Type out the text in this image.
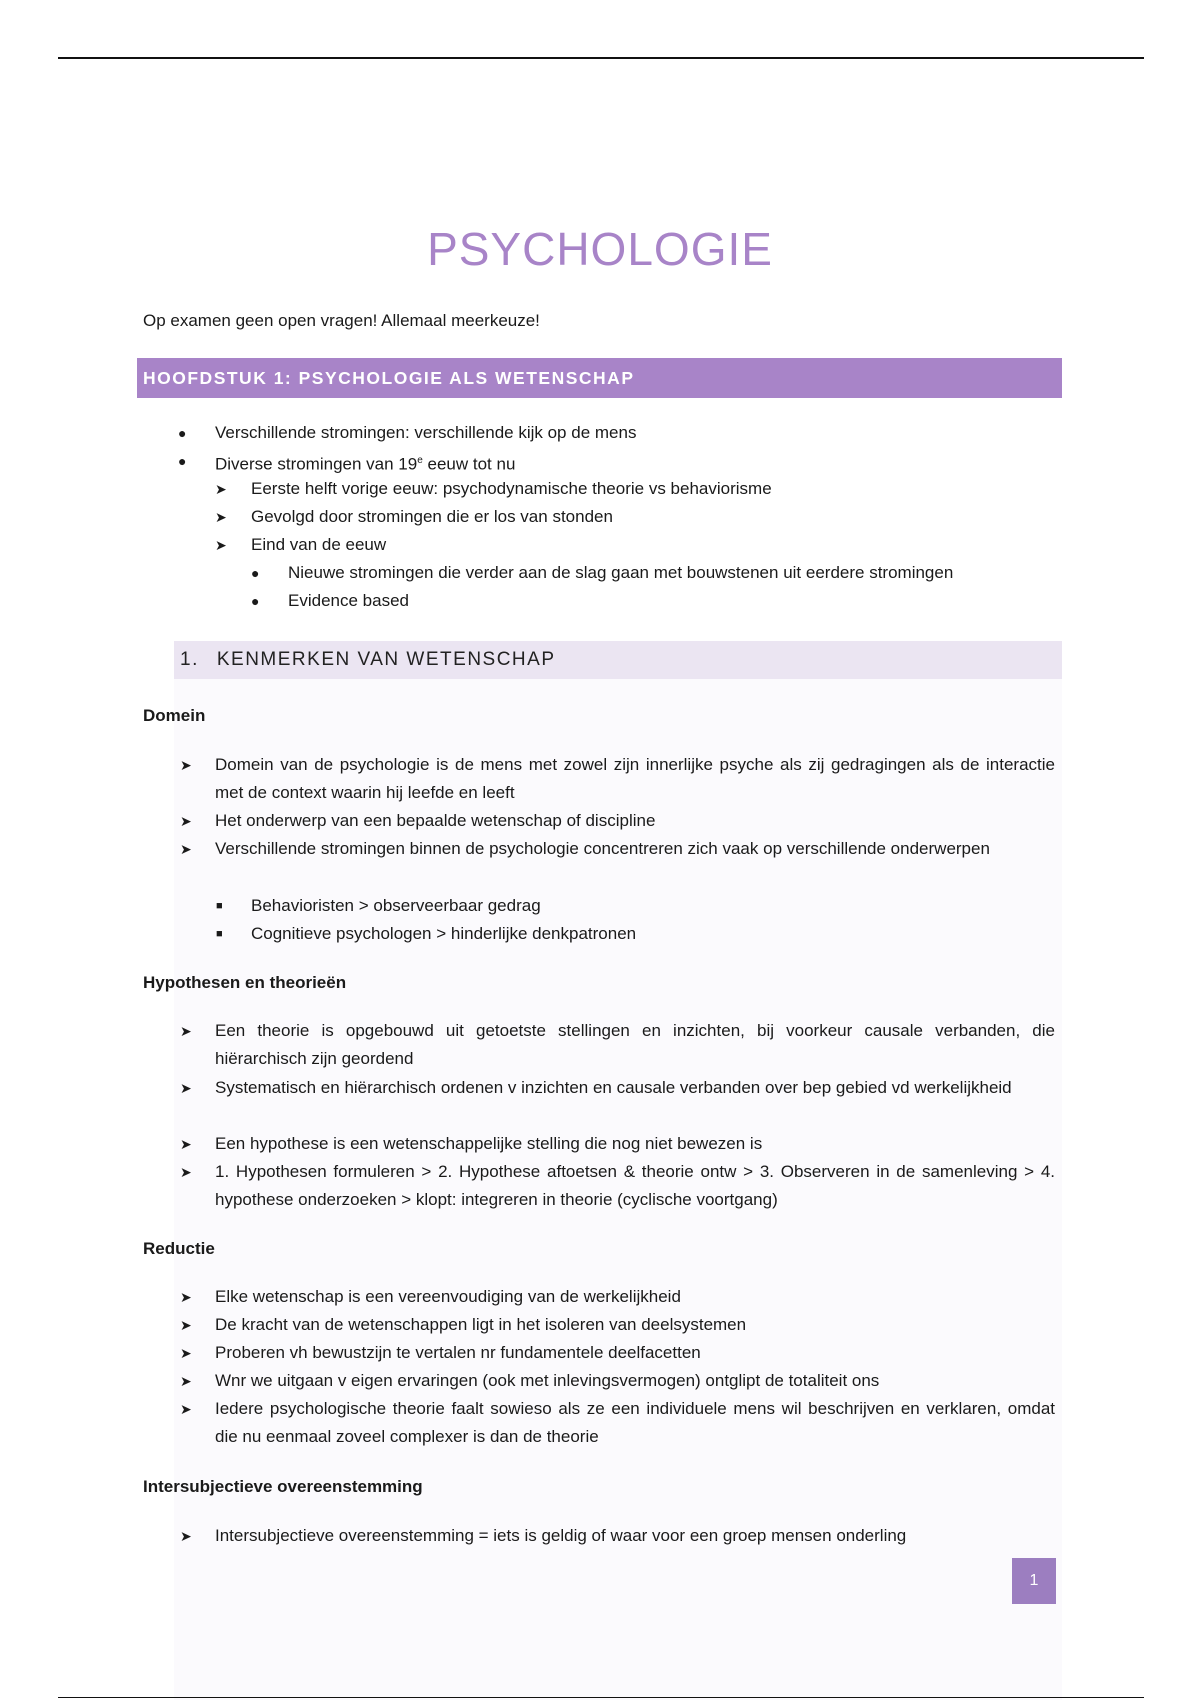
PSYCHOLOGIE
Op examen geen open vragen! Allemaal meerkeuze!
HOOFDSTUK 1: PSYCHOLOGIE ALS WETENSCHAP
● Verschillende stromingen: verschillende kijk op de mens
● Diverse stromingen van 19e eeuw tot nu
➤ Eerste helft vorige eeuw: psychodynamische theorie vs behaviorisme
➤ Gevolgd door stromingen die er los van stonden
➤ Eind van de eeuw
● Nieuwe stromingen die verder aan de slag gaan met bouwstenen uit eerdere stromingen
● Evidence based
1. KENMERKEN VAN WETENSCHAP
Domein
➤ Domein van de psychologie is de mens met zowel zijn innerlijke psyche als zij gedragingen als de interactie met de context waarin hij leefde en leeft
➤ Het onderwerp van een bepaalde wetenschap of discipline
➤ Verschillende stromingen binnen de psychologie concentreren zich vaak op verschillende onderwerpen
■ Behavioristen > observeerbaar gedrag
■ Cognitieve psychologen > hinderlijke denkpatronen
Hypothesen en theorieën
➤ Een theorie is opgebouwd uit getoetste stellingen en inzichten, bij voorkeur causale verbanden, die hiërarchisch zijn geordend
➤ Systematisch en hiërarchisch ordenen v inzichten en causale verbanden over bep gebied vd werkelijkheid
➤ Een hypothese is een wetenschappelijke stelling die nog niet bewezen is
➤ 1. Hypothesen formuleren > 2. Hypothese aftoetsen & theorie ontw > 3. Observeren in de samenleving > 4. hypothese onderzoeken > klopt: integreren in theorie (cyclische voortgang)
Reductie
➤ Elke wetenschap is een vereenvoudiging van de werkelijkheid
➤ De kracht van de wetenschappen ligt in het isoleren van deelsystemen
➤ Proberen vh bewustzijn te vertalen nr fundamentele deelfacetten
➤ Wnr we uitgaan v eigen ervaringen (ook met inlevingsvermogen) ontglipt de totaliteit ons
➤ Iedere psychologische theorie faalt sowieso als ze een individuele mens wil beschrijven en verklaren, omdat die nu eenmaal zoveel complexer is dan de theorie
Intersubjectieve overeenstemming
➤ Intersubjectieve overeenstemming = iets is geldig of waar voor een groep mensen onderling
1
